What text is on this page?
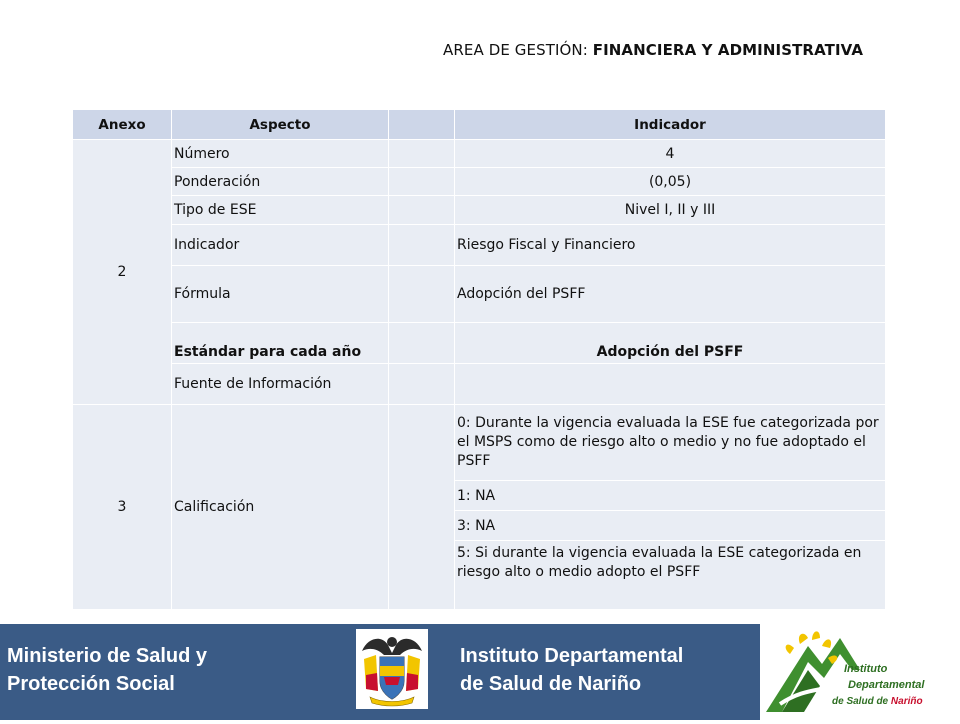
AREA DE GESTIÓN: FINANCIERA Y ADMINISTRATIVA
Anexo	Aspecto		Indicador
2	Número		4
	Ponderación		(0,05)
	Tipo de ESE		Nivel I, II y III
	Indicador		Riesgo Fiscal y Financiero
	Fórmula		Adopción del PSFF
	Estándar para cada año		Adopción del PSFF
	Fuente de Información		
3	Calificación		0: Durante la vigencia evaluada la ESE fue categorizada por el MSPS como de riesgo alto o medio y no fue adoptado el PSFF
			1: NA
			3: NA
			5: Si durante la vigencia evaluada la ESE categorizada en riesgo alto o medio adopto el PSFF
Ministerio de Salud y
Protección Social
Instituto Departamental
de Salud de Nariño
Instituto
Departamental
de Salud de Nariño
